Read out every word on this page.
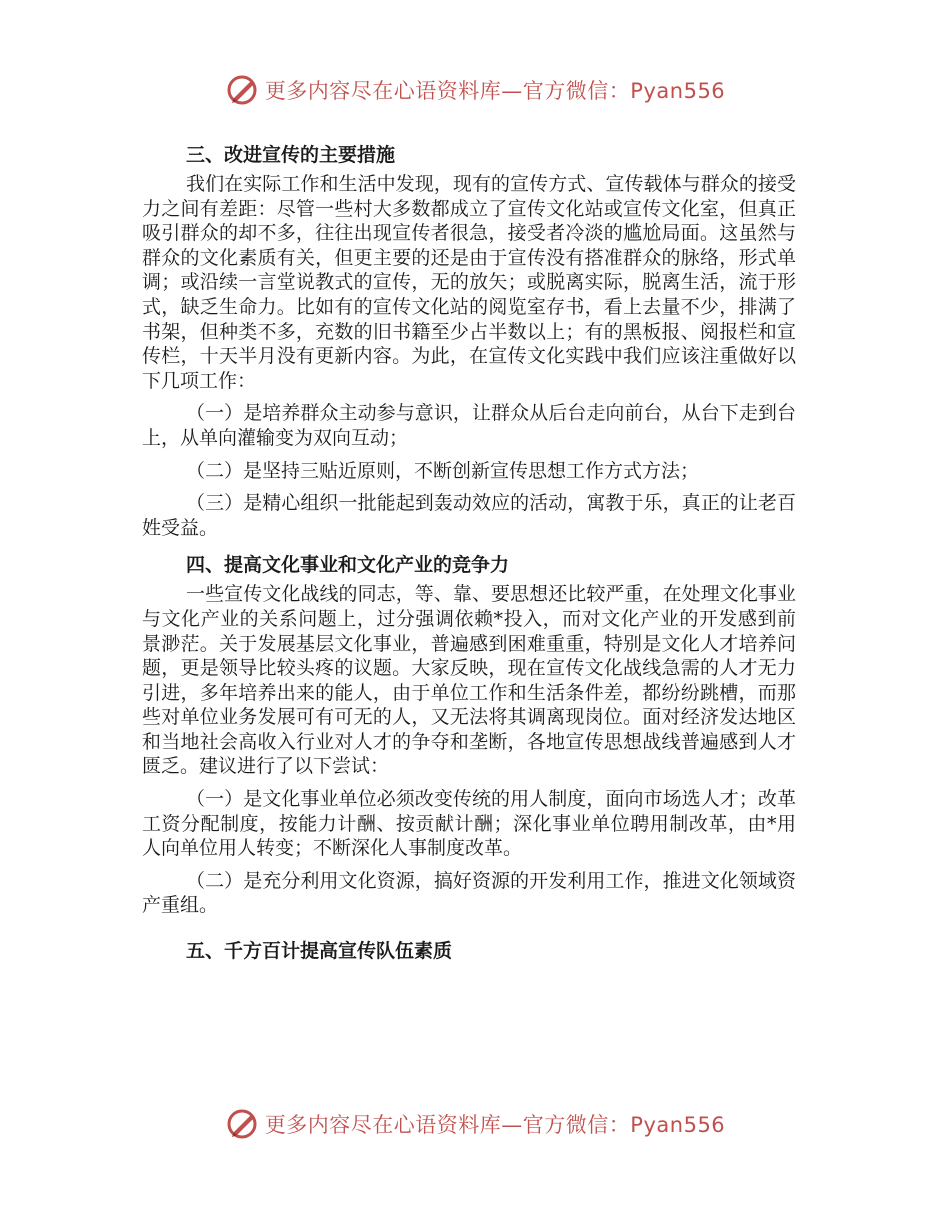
更多内容尽在心语资料库—官方微信：Pyan556
三、改进宣传的主要措施

我们在实际工作和生活中发现，现有的宣传方式、宣传载体与群众的接受力之间有差距：尽管一些村大多数都成立了宣传文化站或宣传文化室，但真正吸引群众的却不多，往往出现宣传者很急，接受者冷淡的尴尬局面。这虽然与群众的文化素质有关，但更主要的还是由于宣传没有搭准群众的脉络，形式单调；或沿续一言堂说教式的宣传，无的放矢；或脱离实际，脱离生活，流于形式，缺乏生命力。比如有的宣传文化站的阅览室存书，看上去量不少，排满了书架，但种类不多，充数的旧书籍至少占半数以上；有的黑板报、阅报栏和宣传栏，十天半月没有更新内容。为此，在宣传文化实践中我们应该注重做好以下几项工作：

（一）是培养群众主动参与意识，让群众从后台走向前台，从台下走到台上，从单向灌输变为双向互动；

（二）是坚持三贴近原则，不断创新宣传思想工作方式方法；

（三）是精心组织一批能起到轰动效应的活动，寓教于乐，真正的让老百姓受益。

四、提高文化事业和文化产业的竞争力

一些宣传文化战线的同志，等、靠、要思想还比较严重，在处理文化事业与文化产业的关系问题上，过分强调依赖*投入，而对文化产业的开发感到前景渺茫。关于发展基层文化事业，普遍感到困难重重，特别是文化人才培养问题，更是领导比较头疼的议题。大家反映，现在宣传文化战线急需的人才无力引进，多年培养出来的能人，由于单位工作和生活条件差，都纷纷跳槽，而那些对单位业务发展可有可无的人，又无法将其调离现岗位。面对经济发达地区和当地社会高收入行业对人才的争夺和垄断，各地宣传思想战线普遍感到人才匮乏。建议进行了以下尝试：

（一）是文化事业单位必须改变传统的用人制度，面向市场选人才；改革工资分配制度，按能力计酬、按贡献计酬；深化事业单位聘用制改革，由*用人向单位用人转变；不断深化人事制度改革。

（二）是充分利用文化资源，搞好资源的开发利用工作，推进文化领域资产重组。

五、千方百计提高宣传队伍素质
更多内容尽在心语资料库—官方微信：Pyan556
